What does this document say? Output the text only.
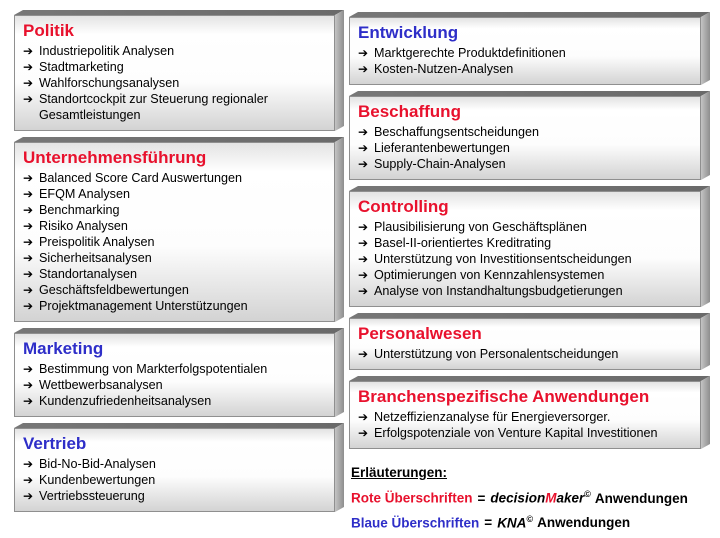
Politik
➔ Industriepolitik Analysen
➔ Stadtmarketing
➔ Wahlforschungsanalysen
➔ Standortcockpit zur Steuerung regionaler Gesamtleistungen
Unternehmensführung
➔ Balanced Score Card Auswertungen
➔ EFQM Analysen
➔ Benchmarking
➔ Risiko Analysen
➔ Preispolitik Analysen
➔ Sicherheitsanalysen
➔ Standortanalysen
➔ Geschäftsfeldbewertungen
➔ Projektmanagement Unterstützungen
Marketing
➔ Bestimmung von Markterfolgspotentialen
➔ Wettbewerbsanalysen
➔ Kundenzufriedenheitsanalysen
Vertrieb
➔ Bid-No-Bid-Analysen
➔ Kundenbewertungen
➔ Vertriebssteuerung
Entwicklung
➔ Marktgerechte Produktdefinitionen
➔ Kosten-Nutzen-Analysen
Beschaffung
➔ Beschaffungsentscheidungen
➔ Lieferantenbewertungen
➔ Supply-Chain-Analysen
Controlling
➔ Plausibilisierung von Geschäftsplänen
➔ Basel-II-orientiertes Kreditrating
➔ Unterstützung von Investitionsentscheidungen
➔ Optimierungen von Kennzahlensystemen
➔ Analyse von Instandhaltungsbudgetierungen
Personalwesen
➔ Unterstützung von Personalentscheidungen
Branchenspezifische Anwendungen
➔ Netzeffizienzanalyse für Energieversorger.
➔ Erfolgspotenziale von Venture Kapital Investitionen
Erläuterungen:
Rote Überschriften = decisionMaker© Anwendungen
Blaue Überschriften = KNA© Anwendungen
